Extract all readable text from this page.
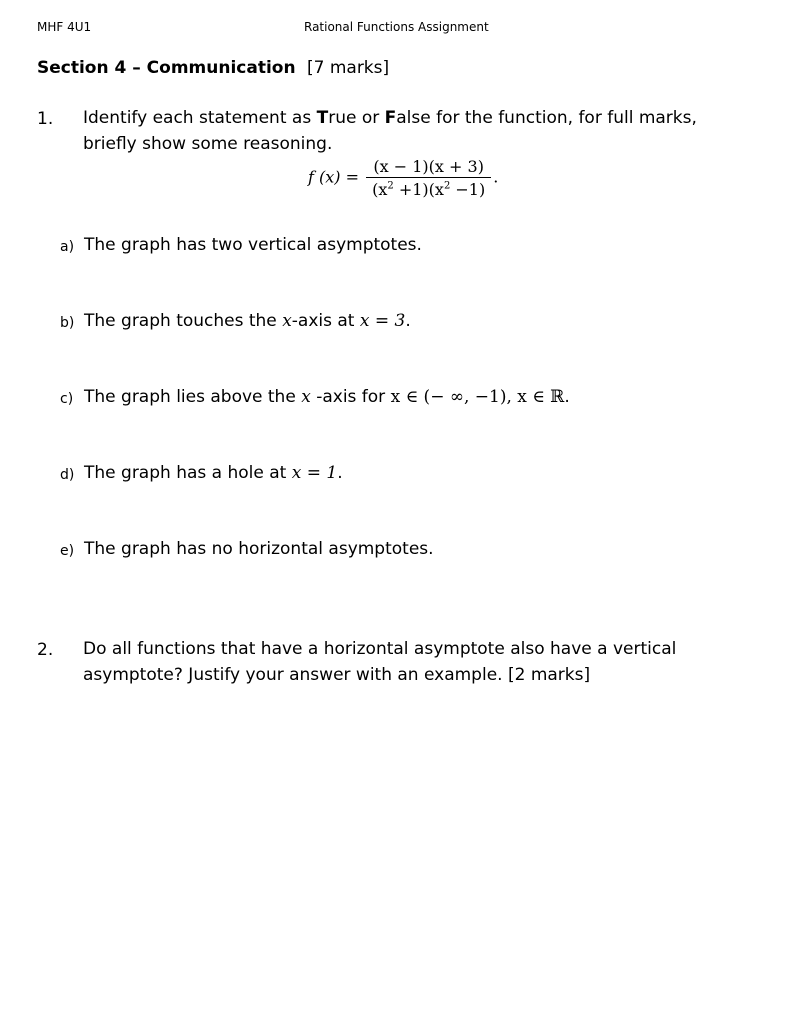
MHF 4U1	Rational Functions Assignment
Section 4 – Communication [7 marks]
1. Identify each statement as True or False for the function, for full marks, briefly show some reasoning.
f $(x) = \frac{(x - 1)(x + 3)}{(x^2 +1)(x^2 -1)}$ .
a) The graph has two vertical asymptotes.
b) The graph touches the x-axis at x = 3.
c) The graph lies above the x -axis for x ∈ (− ∞, −1), x ∈ ℝ.
d) The graph has a hole at x = 1.
e) The graph has no horizontal asymptotes.
2. Do all functions that have a horizontal asymptote also have a vertical asymptote? Justify your answer with an example. [2 marks]
